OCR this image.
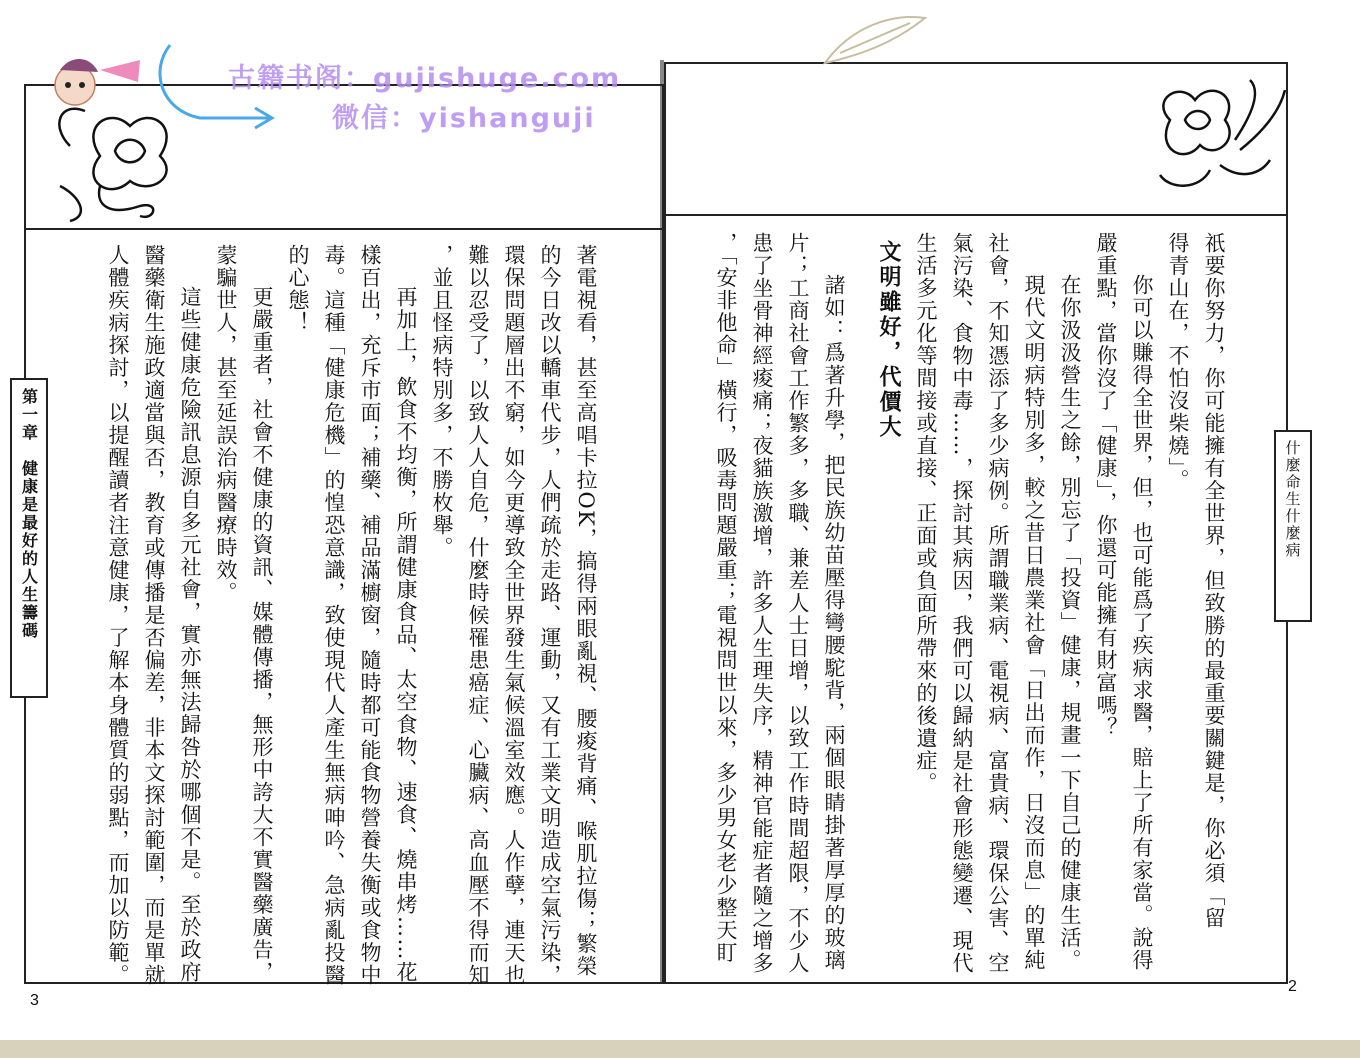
古籍书阁：gujishuge.com
微信：yishanguji
什麼命生什麼病
第一章　健康是最好的人生籌碼	祇要你努力，你可能擁有全世界，但致勝的最重要關鍵是，你必須「留
得青山在，不怕沒柴燒」。
你可以賺得全世界，但，也可能爲了疾病求醫，賠上了所有家當。說得
嚴重點，當你沒了「健康」，你還可能擁有財富嗎？
在你汲汲營生之餘，別忘了「投資」健康，規畫一下自己的健康生活。
現代文明病特別多，較之昔日農業社會「日出而作，日沒而息」的單純
社會，不知憑添了多少病例。所謂職業病、電視病、富貴病、環保公害、空
氣污染、食物中毒……，探討其病因，我們可以歸納是社會形態變遷、現代
生活多元化等間接或直接、正面或負面所帶來的後遺症。
文明雖好，代價大
諸如：爲著升學，把民族幼苗壓得彎腰駝背，兩個眼睛掛著厚厚的玻璃
片；工商社會工作繁多，多職、兼差人士日增，以致工作時間超限，不少人
患了坐骨神經痠痛；夜貓族激增，許多人生理失序，精神官能症者隨之增多
，「安非他命」橫行，吸毒問題嚴重；電視問世以來，多少男女老少整天盯
著電視看，甚至高唱卡拉OK，搞得兩眼亂視、腰痠背痛、喉肌拉傷；繁榮
的今日改以轎車代步，人們疏於走路、運動，又有工業文明造成空氣污染，
環保問題層出不窮，如今更導致全世界發生氣候溫室效應。人作孽，連天也
難以忍受了，以致人人自危，什麼時候罹患癌症、心臟病、高血壓不得而知
，並且怪病特別多，不勝枚舉。
再加上，飲食不均衡，所謂健康食品、太空食物、速食、燒串烤……花
樣百出，充斥市面；補藥、補品滿櫥窗，隨時都可能食物營養失衡或食物中
毒。這種「健康危機」的惶恐意識，致使現代人產生無病呻吟、急病亂投醫
的心態！
更嚴重者，社會不健康的資訊、媒體傳播，無形中誇大不實醫藥廣告，
蒙騙世人，甚至延誤治病醫療時效。
這些健康危險訊息源自多元社會，實亦無法歸咎於哪個不是。至於政府
醫藥衛生施政適當與否，教育或傳播是否偏差，非本文探討範圍，而是單就
人體疾病探討，以提醒讀者注意健康，了解本身體質的弱點，而加以防範。
3
2
